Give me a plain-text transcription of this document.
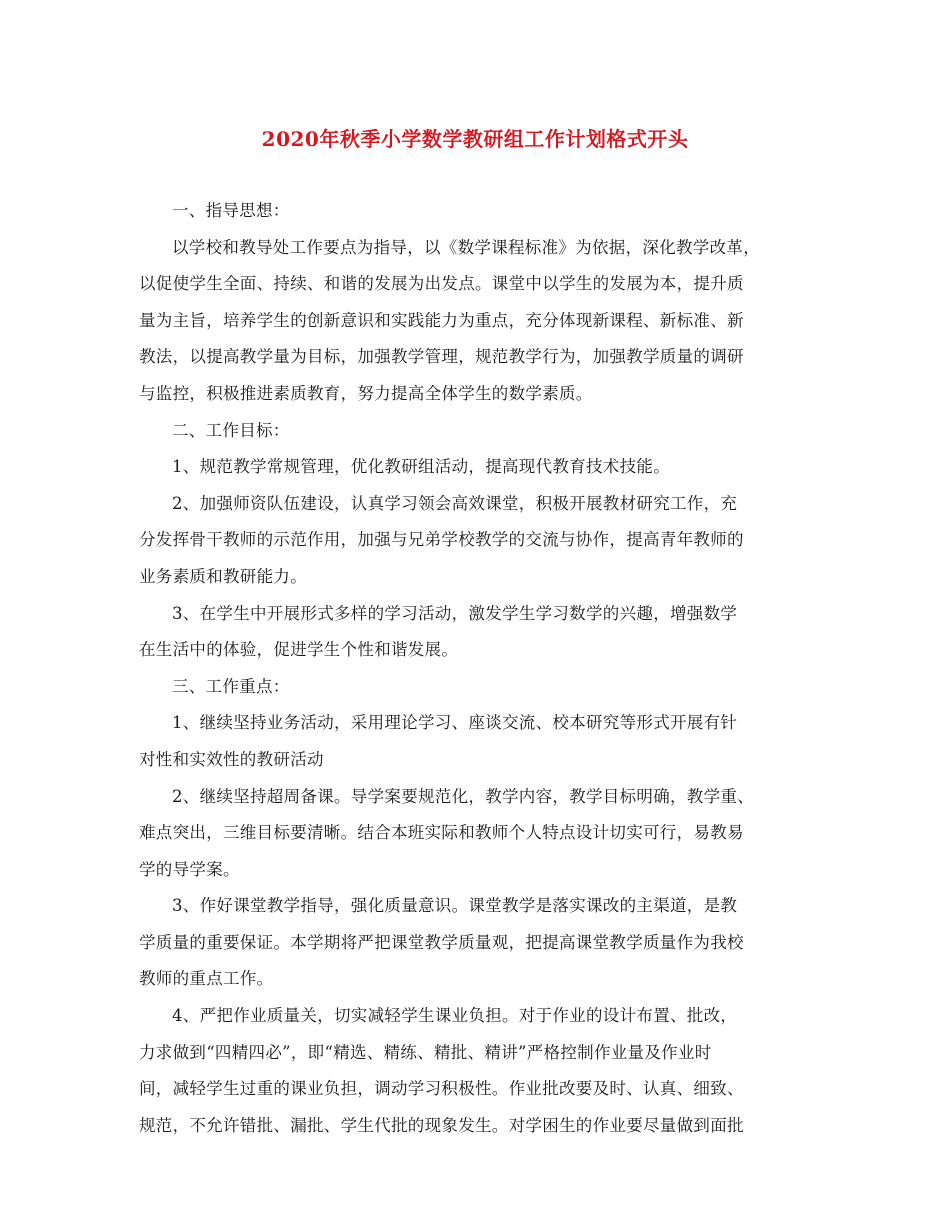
2020年秋季小学数学教研组工作计划格式开头
一、指导思想：
以学校和教导处工作要点为指导，以《数学课程标准》为依据，深化教学改革，
以促使学生全面、持续、和谐的发展为出发点。课堂中以学生的发展为本，提升质
量为主旨，培养学生的创新意识和实践能力为重点，充分体现新课程、新标准、新
教法，以提高教学量为目标，加强教学管理，规范教学行为，加强教学质量的调研
与监控，积极推进素质教育，努力提高全体学生的数学素质。
二、工作目标：
1、规范教学常规管理，优化教研组活动，提高现代教育技术技能。
2、加强师资队伍建设，认真学习领会高效课堂，积极开展教材研究工作，充
分发挥骨干教师的示范作用，加强与兄弟学校教学的交流与协作，提高青年教师的
业务素质和教研能力。
3、在学生中开展形式多样的学习活动，激发学生学习数学的兴趣，增强数学
在生活中的体验，促进学生个性和谐发展。
三、工作重点：
1、继续坚持业务活动，采用理论学习、座谈交流、校本研究等形式开展有针
对性和实效性的教研活动
2、继续坚持超周备课。导学案要规范化，教学内容，教学目标明确，教学重、
难点突出，三维目标要清晰。结合本班实际和教师个人特点设计切实可行，易教易
学的导学案。
3、作好课堂教学指导，强化质量意识。课堂教学是落实课改的主渠道，是教
学质量的重要保证。本学期将严把课堂教学质量观，把提高课堂教学质量作为我校
教师的重点工作。
4、严把作业质量关，切实减轻学生课业负担。对于作业的设计布置、批改，
力求做到“四精四必”，即“精选、精练、精批、精讲”严格控制作业量及作业时
间，减轻学生过重的课业负担，调动学习积极性。作业批改要及时、认真、细致、
规范，不允许错批、漏批、学生代批的现象发生。对学困生的作业要尽量做到面批
